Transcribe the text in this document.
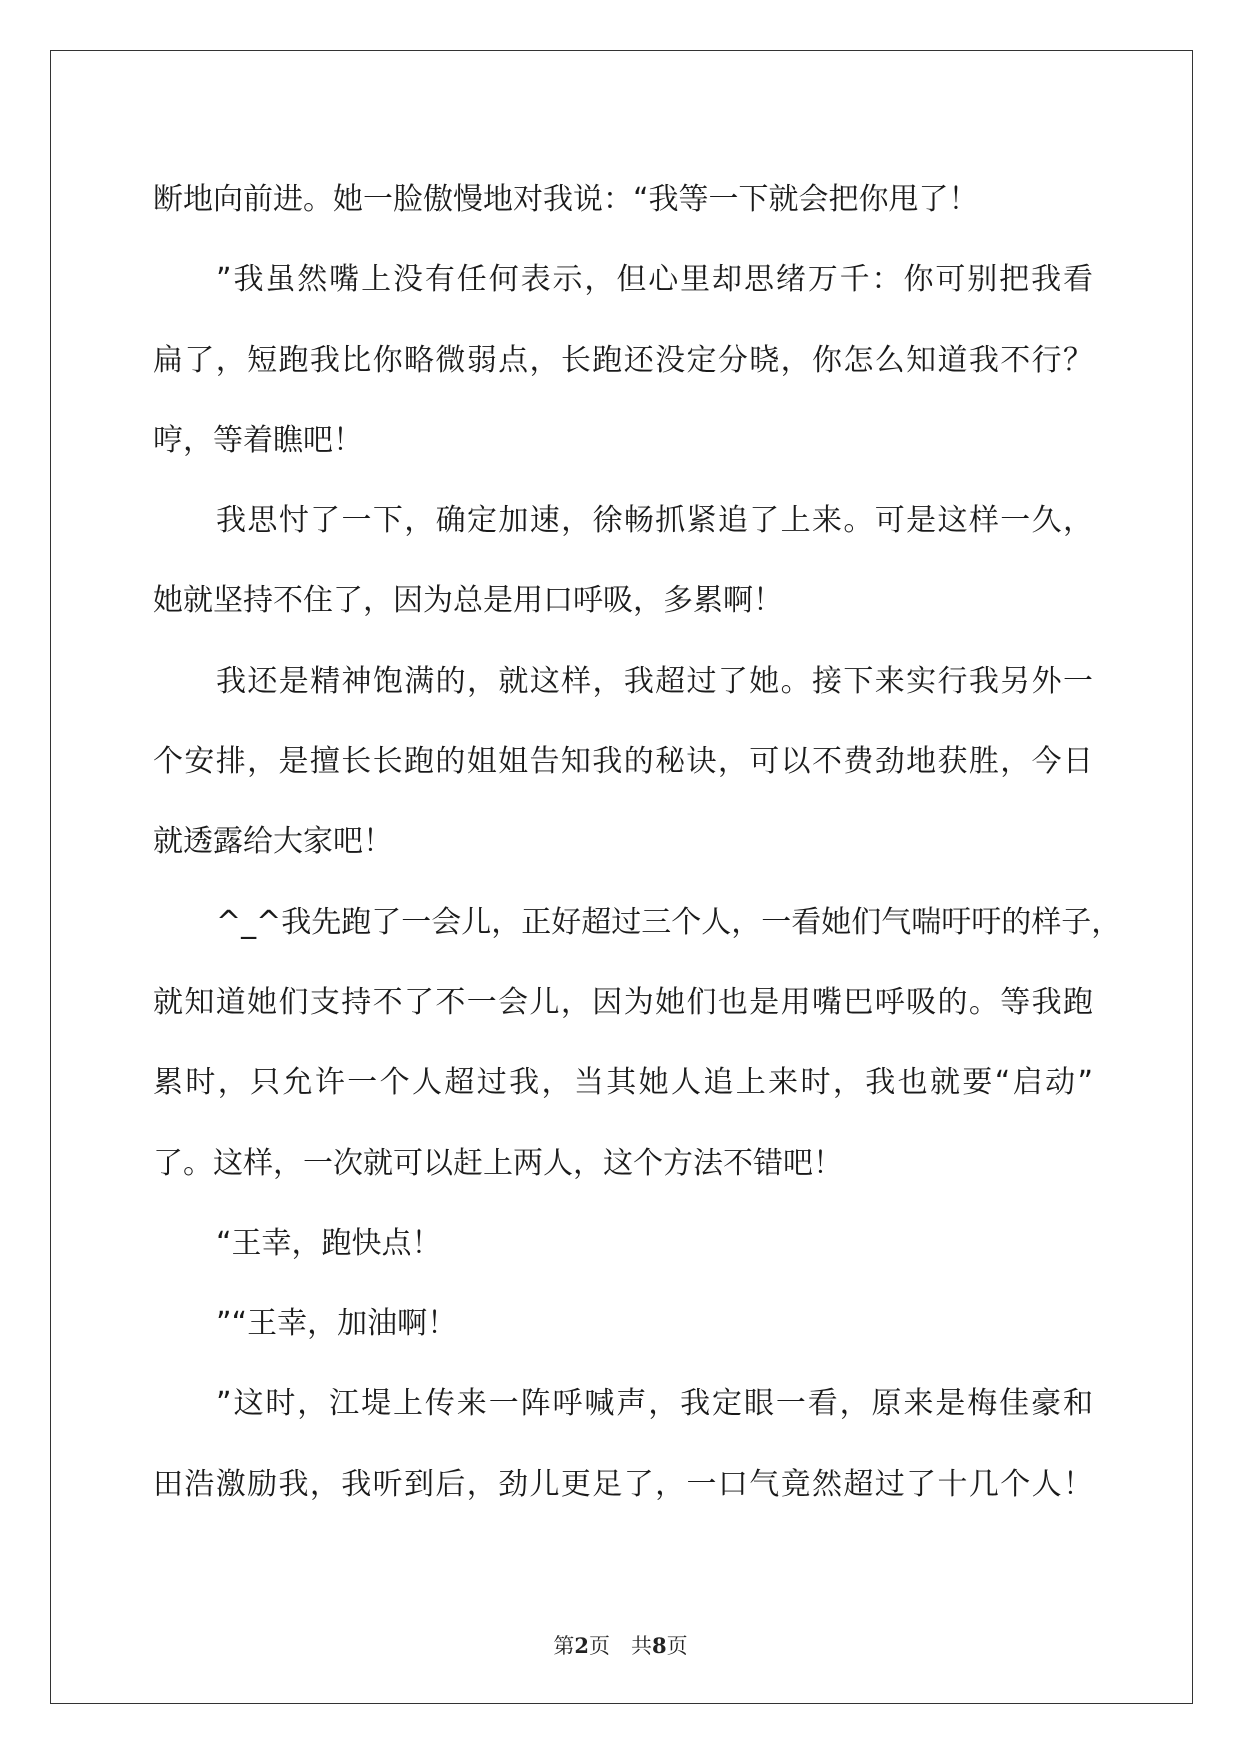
断地向前进。她一脸傲慢地对我说：“我等一下就会把你甩了！
”我虽然嘴上没有任何表示，但心里却思绪万千：你可别把我看
扁了，短跑我比你略微弱点，长跑还没定分晓，你怎么知道我不行？
哼，等着瞧吧！
我思忖了一下，确定加速，徐畅抓紧追了上来。可是这样一久，
她就坚持不住了，因为总是用口呼吸，多累啊！
我还是精神饱满的，就这样，我超过了她。接下来实行我另外一
个安排，是擅长长跑的姐姐告知我的秘诀，可以不费劲地获胜，今日
就透露给大家吧！
^_^我先跑了一会儿，正好超过三个人，一看她们气喘吁吁的样子，
就知道她们支持不了不一会儿，因为她们也是用嘴巴呼吸的。等我跑
累时，只允许一个人超过我，当其她人追上来时，我也就要“启动”
了。这样，一次就可以赶上两人，这个方法不错吧！
“王幸，跑快点！
”“王幸，加油啊！
”这时，江堤上传来一阵呼喊声，我定眼一看，原来是梅佳豪和
田浩激励我，我听到后，劲儿更足了，一口气竟然超过了十几个人！
第2页　共8页
